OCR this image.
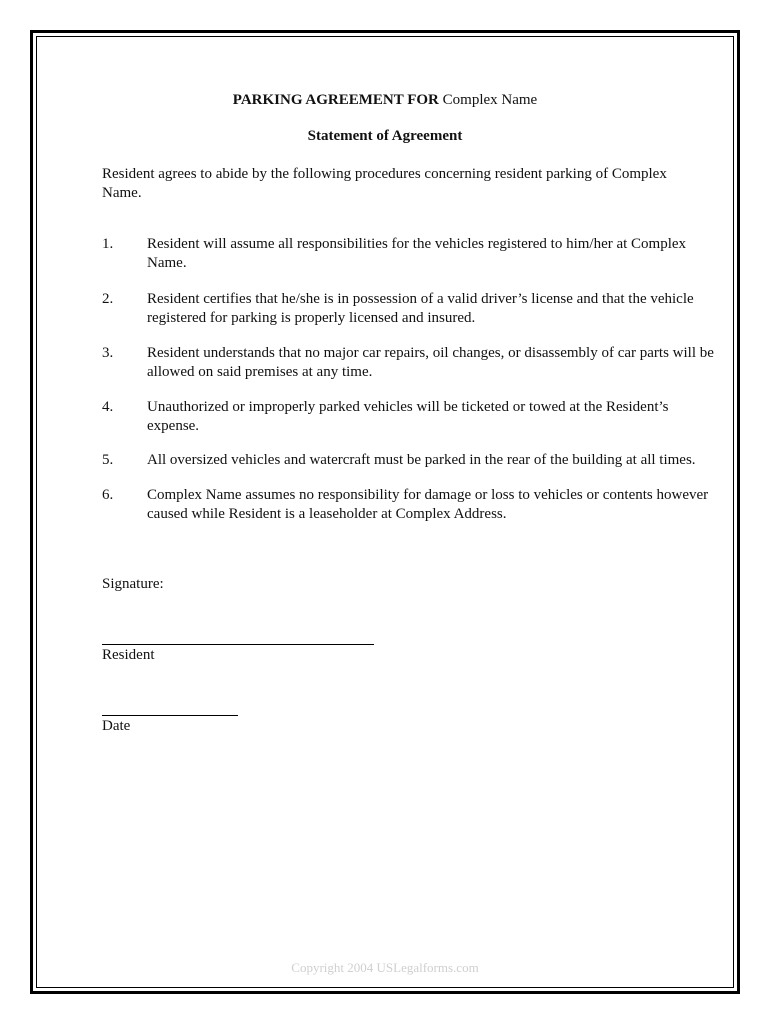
PARKING AGREEMENT FOR Complex Name
Statement of Agreement
Resident agrees to abide by the following procedures concerning resident parking of Complex Name.
1.	Resident will assume all responsibilities for the vehicles registered to him/her at Complex Name.
2.	Resident certifies that he/she is in possession of a valid driver’s license and that the vehicle registered for parking is properly licensed and insured.
3.	Resident understands that no major car repairs, oil changes, or disassembly of car parts will be allowed on said premises at any time.
4.	Unauthorized or improperly parked vehicles will be ticketed or towed at the Resident’s expense.
5.	All oversized vehicles and watercraft must be parked in the rear of the building at all times.
6.	Complex Name assumes no responsibility for damage or loss to vehicles or contents however caused while Resident is a leaseholder at Complex Address.
Signature:
Resident
Date
Copyright 2004 USLegalforms.com
